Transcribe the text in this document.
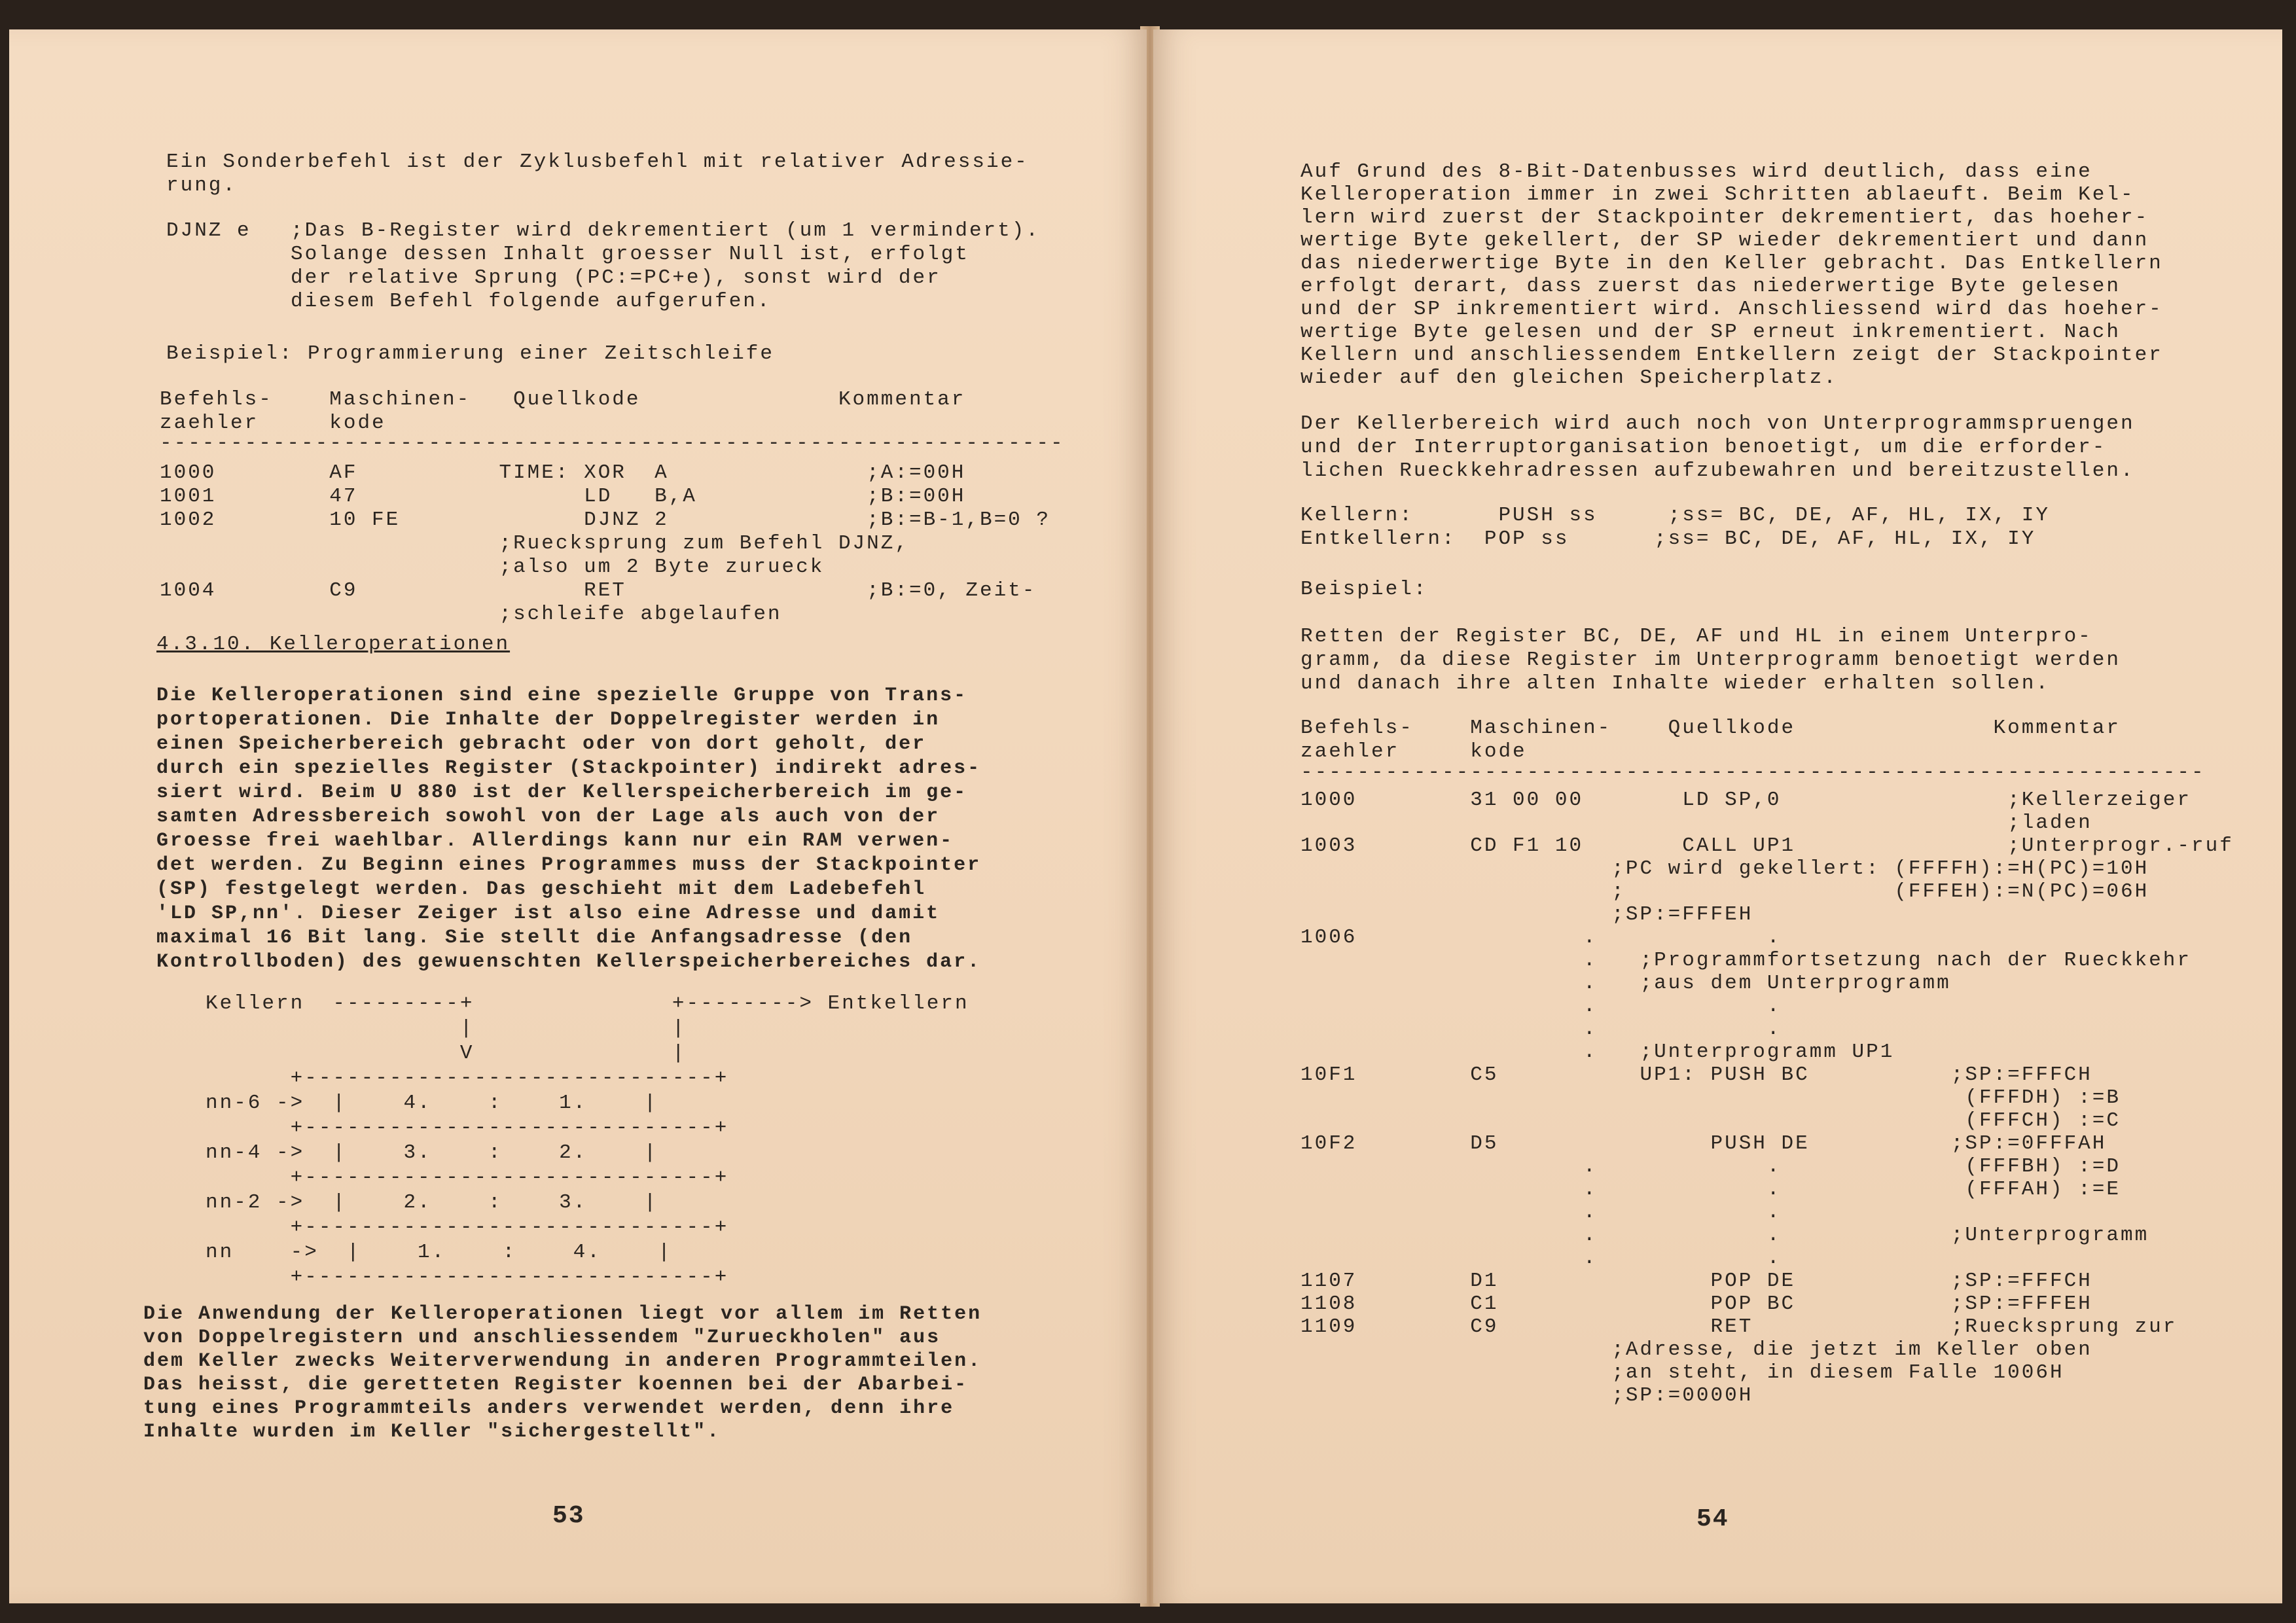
Ein Sonderbefehl ist der Zyklusbefehl mit relativer Adressie-
rung.
DJNZ e ;Das B-Register wird dekrementiert (um 1 vermindert).
Solange dessen Inhalt groesser Null ist, erfolgt
der relative Sprung (PC:=PC+e), sonst wird der
diesem Befehl folgende aufgerufen.
Beispiel: Programmierung einer Zeitschleife
Befehls-    Maschinen-   Quellkode              Kommentar
zaehler     kode
----------------------------------------------------------------
1000        AF          TIME: XOR  A              ;A:=00H
1001        47                LD   B,A            ;B:=00H
1002        10 FE             DJNZ 2              ;B:=B-1,B=0 ?
;Ruecksprung zum Befehl DJNZ,
;also um 2 Byte zurueck
1004        C9                RET                 ;B:=0, Zeit-
;schleife abgelaufen
4.3.10. Kelleroperationen
Die Kelleroperationen sind eine spezielle Gruppe von Trans-
portoperationen. Die Inhalte der Doppelregister werden in
einen Speicherbereich gebracht oder von dort geholt, der
durch ein spezielles Register (Stackpointer) indirekt adres-
siert wird. Beim U 880 ist der Kellerspeicherbereich im ge-
samten Adressbereich sowohl von der Lage als auch von der
Groesse frei waehlbar. Allerdings kann nur ein RAM verwen-
det werden. Zu Beginn eines Programmes muss der Stackpointer
(SP) festgelegt werden. Das geschieht mit dem Ladebefehl
'LD SP,nn'. Dieser Zeiger ist also eine Adresse und damit
maximal 16 Bit lang. Sie stellt die Anfangsadresse (den
Kontrollboden) des gewuenschten Kellerspeicherbereiches dar.
Kellern  ---------+              +--------> Entkellern
|              |
V              |
+-----------------------------+
nn-6 ->  |    4.    :    1.    |
+-----------------------------+
nn-4 ->  |    3.    :    2.    |
+-----------------------------+
nn-2 ->  |    2.    :    3.    |
+-----------------------------+
nn    ->  |    1.    :    4.    |
+-----------------------------+
Die Anwendung der Kelleroperationen liegt vor allem im Retten
von Doppelregistern und anschliessendem "Zurueckholen" aus
dem Keller zwecks Weiterverwendung in anderen Programmteilen.
Das heisst, die geretteten Register koennen bei der Abarbei-
tung eines Programmteils anders verwendet werden, denn ihre
Inhalte wurden im Keller "sichergestellt".
53
Auf Grund des 8-Bit-Datenbusses wird deutlich, dass eine
Kelleroperation immer in zwei Schritten ablaeuft. Beim Kel-
lern wird zuerst der Stackpointer dekrementiert, das hoeher-
wertige Byte gekellert, der SP wieder dekrementiert und dann
das niederwertige Byte in den Keller gebracht. Das Entkellern
erfolgt derart, dass zuerst das niederwertige Byte gelesen
und der SP inkrementiert wird. Anschliessend wird das hoeher-
wertige Byte gelesen und der SP erneut inkrementiert. Nach
Kellern und anschliessendem Entkellern zeigt der Stackpointer
wieder auf den gleichen Speicherplatz.
Der Kellerbereich wird auch noch von Unterprogrammspruengen
und der Interruptorganisation benoetigt, um die erforder-
lichen Rueckkehradressen aufzubewahren und bereitzustellen.
Kellern:      PUSH ss     ;ss= BC, DE, AF, HL, IX, IY
Entkellern:  POP ss      ;ss= BC, DE, AF, HL, IX, IY
Beispiel:
Retten der Register BC, DE, AF und HL in einem Unterpro-
gramm, da diese Register im Unterprogramm benoetigt werden
und danach ihre alten Inhalte wieder erhalten sollen.
Befehls-    Maschinen-    Quellkode              Kommentar
zaehler     kode
----------------------------------------------------------------
1000        31 00 00       LD SP,0                ;Kellerzeiger
;laden
1003        CD F1 10       CALL UP1               ;Unterprogr.-ruf
;PC wird gekellert: (FFFFH):=H(PC)=10H
;                   (FFFEH):=N(PC)=06H
;SP:=FFFEH
1006                .            .
.   ;Programmfortsetzung nach der Rueckkehr
.   ;aus dem Unterprogramm
.            .
.            .
.   ;Unterprogramm UP1
10F1        C5          UP1: PUSH BC          ;SP:=FFFCH
(FFFDH) :=B
(FFFCH) :=C
10F2        D5               PUSH DE          ;SP:=0FFFAH
.            .             (FFFBH) :=D
.            .             (FFFAH) :=E
.            .
.            .            ;Unterprogramm
.            .
1107        D1               POP DE           ;SP:=FFFCH
1108        C1               POP BC           ;SP:=FFFEH
1109        C9               RET              ;Ruecksprung zur
;Adresse, die jetzt im Keller oben
;an steht, in diesem Falle 1006H
;SP:=0000H
54
